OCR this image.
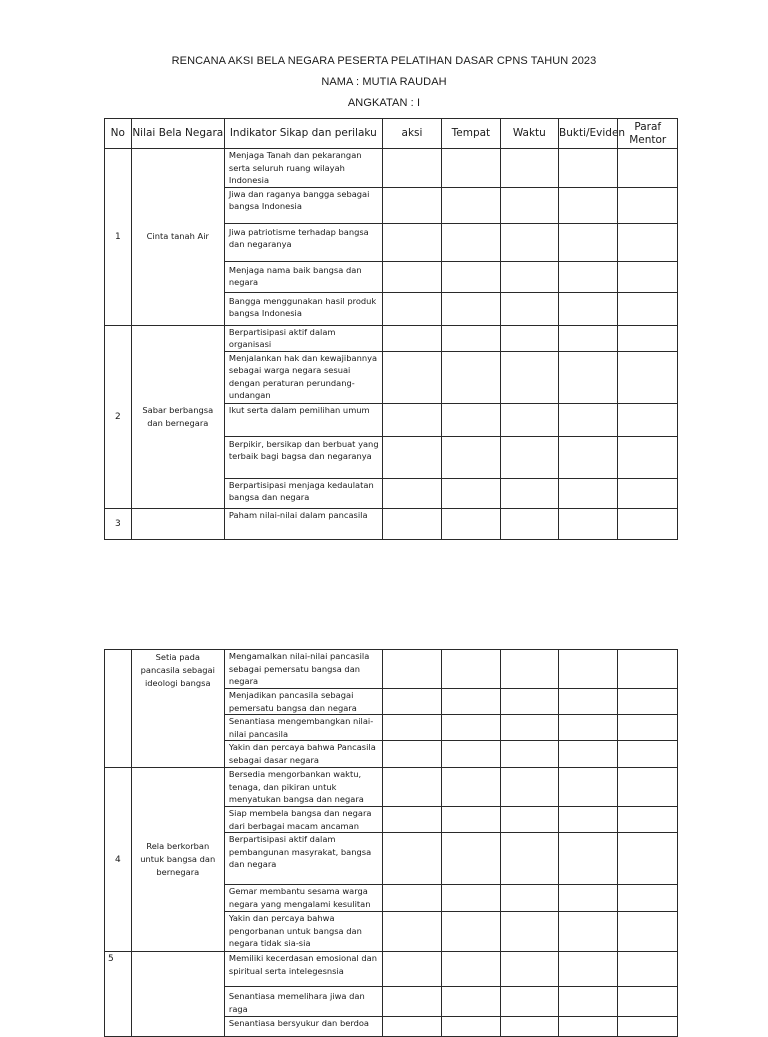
RENCANA AKSI BELA NEGARA PESERTA PELATIHAN DASAR CPNS TAHUN 2023
NAMA : MUTIA RAUDAH
ANGKATAN : I
No	Nilai Bela Negara	Indikator Sikap dan perilaku	aksi	Tempat	Waktu	Bukti/Eviden	Paraf Mentor
1	Cinta tanah Air	Menjaga Tanah dan pekarangan serta seluruh ruang wilayah Indonesia					
		Jiwa dan raganya bangga sebagai bangsa Indonesia					
		Jiwa patriotisme terhadap bangsa dan negaranya					
		Menjaga nama baik bangsa dan negara					
		Bangga menggunakan hasil produk bangsa Indonesia					
2	Sabar berbangsa dan bernegara	Berpartisipasi aktif dalam organisasi					
		Menjalankan hak dan kewajibannya sebagai warga negara sesuai dengan peraturan perundang-undangan					
		Ikut serta dalam pemilihan umum					
		Berpikir, bersikap dan berbuat yang terbaik bagi bagsa dan negaranya					
		Berpartisipasi menjaga kedaulatan bangsa dan negara					
3		Paham nilai-nilai dalam pancasila					
	Setia pada pancasila sebagai ideologi bangsa	Mengamalkan nilai-nilai pancasila sebagai pemersatu bangsa dan negara					
		Menjadikan pancasila sebagai pemersatu bangsa dan negara					
		Senantiasa mengembangkan nilai-nilai pancasila					
		Yakin dan percaya bahwa Pancasila sebagai dasar negara					
4	Rela berkorban untuk bangsa dan bernegara	Bersedia mengorbankan waktu, tenaga, dan pikiran untuk menyatukan bangsa dan negara					
		Siap membela bangsa dan negara dari berbagai macam ancaman					
		Berpartisipasi aktif dalam pembangunan masyrakat, bangsa dan negara					
		Gemar membantu sesama warga negara yang mengalami kesulitan					
		Yakin dan percaya bahwa pengorbanan untuk bangsa dan negara tidak sia-sia					
5		Memiliki kecerdasan emosional dan spiritual serta intelegesnsia					
		Senantiasa memelihara jiwa dan raga					
		Senantiasa bersyukur dan berdoa					
